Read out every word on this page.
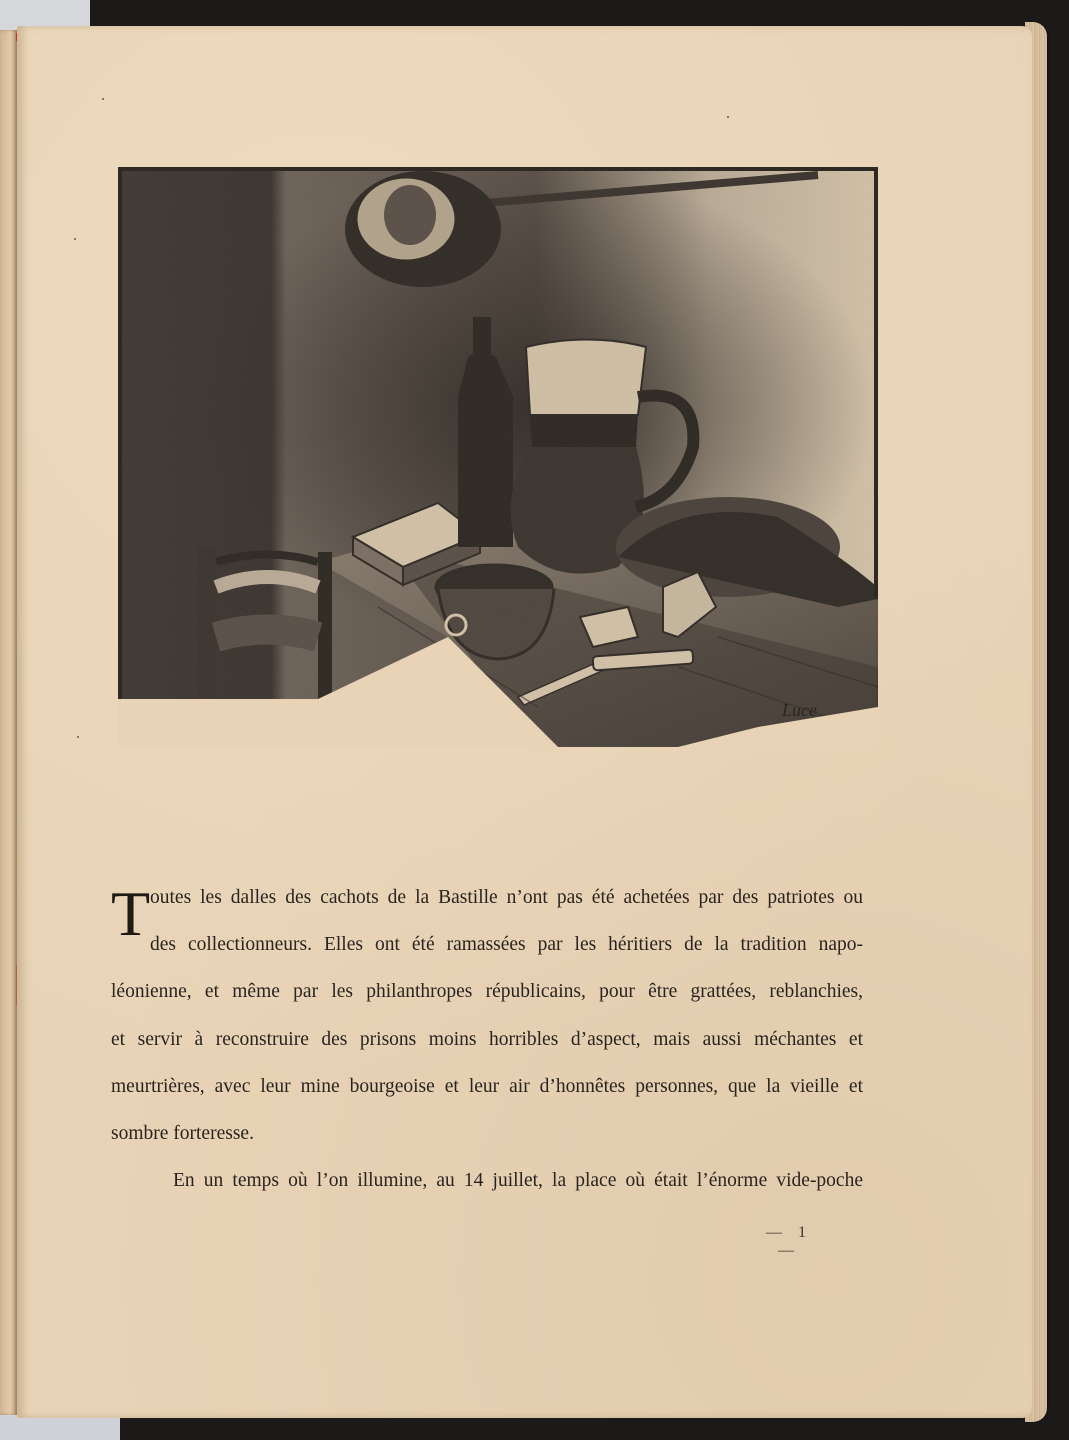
Luce
T outes les dalles des cachots de la Bastille n’ont pas été achetées par des patriotes ou
des collectionneurs. Elles ont été ramassées par les héritiers de la tradition napo-
léonienne, et même par les philanthropes républicains, pour être grattées, reblanchies,
et servir à reconstruire des prisons moins horribles d’aspect, mais aussi méchantes et
meurtrières, avec leur mine bourgeoise et leur air d’honnêtes personnes, que la vieille et
sombre forteresse.

En un temps où l’on illumine, au 14 juillet, la place où était l’énorme vide-poche

— 1 —
